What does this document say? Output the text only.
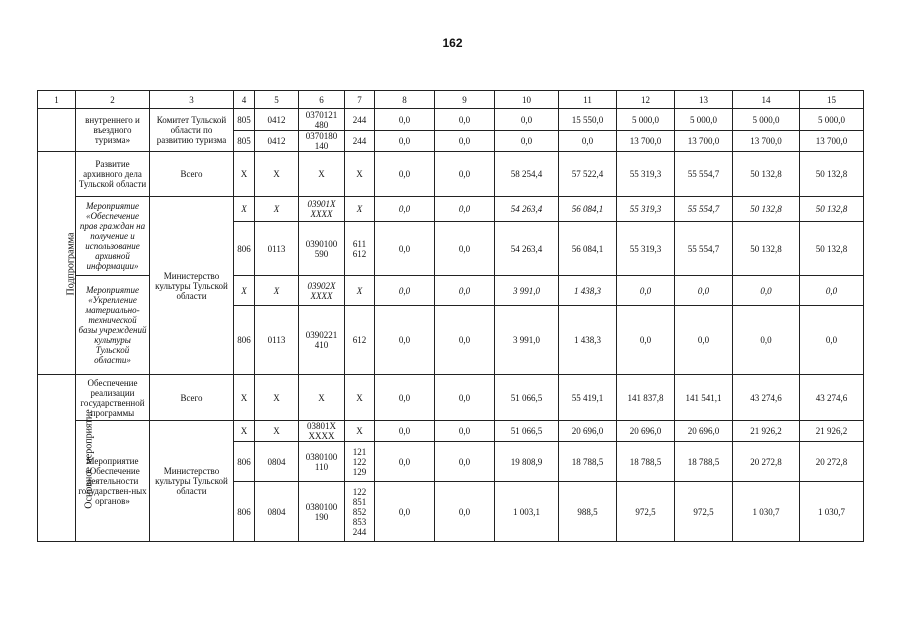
162
1	2	3	4	5	6	7	8	9	10	11	12	13	14	15
	внутреннего и въездного туризма»	Комитет Тульской области по развитию туризма	805	0412	0370121 480	244	0,0	0,0	0,0	15 550,0	5 000,0	5 000,0	5 000,0	5 000,0
			805	0412	0370180 140	244	0,0	0,0	0,0	0,0	13 700,0	13 700,0	13 700,0	13 700,0
Подпрограмма	Развитие архивного дела Тульской области	Всего	X	X	X	X	0,0	0,0	58 254,4	57 522,4	55 319,3	55 554,7	50 132,8	50 132,8
	Мероприятие «Обеспечение прав граждан на получение и использование архивной информации»	Министерство культуры Тульской области	X	X	03901X XXXX	X	0,0	0,0	54 263,4	56 084,1	55 319,3	55 554,7	50 132,8	50 132,8
			806	0113	0390100 590	611 612	0,0	0,0	54 263,4	56 084,1	55 319,3	55 554,7	50 132,8	50 132,8
	Мероприятие «Укрепление материально-технической базы учреждений культуры Тульской области»		X	X	03902X XXXX	X	0,0	0,0	3 991,0	1 438,3	0,0	0,0	0,0	0,0
			806	0113	0390221 410	612	0,0	0,0	3 991,0	1 438,3	0,0	0,0	0,0	0,0
Основное мероприятие	Обеспечение реализации государственной программы	Всего	X	X	X	X	0,0	0,0	51 066,5	55 419,1	141 837,8	141 541,1	43 274,6	43 274,6
	Мероприятие «Обеспечение деятельности государствен-ных органов»	Министерство культуры Тульской области	X	X	03801X XXXX	X	0,0	0,0	51 066,5	20 696,0	20 696,0	20 696,0	21 926,2	21 926,2
			806	0804	0380100 110	121 122 129	0,0	0,0	19 808,9	18 788,5	18 788,5	18 788,5	20 272,8	20 272,8
			806	0804	0380100 190	122 851 852 853 244	0,0	0,0	1 003,1	988,5	972,5	972,5	1 030,7	1 030,7
